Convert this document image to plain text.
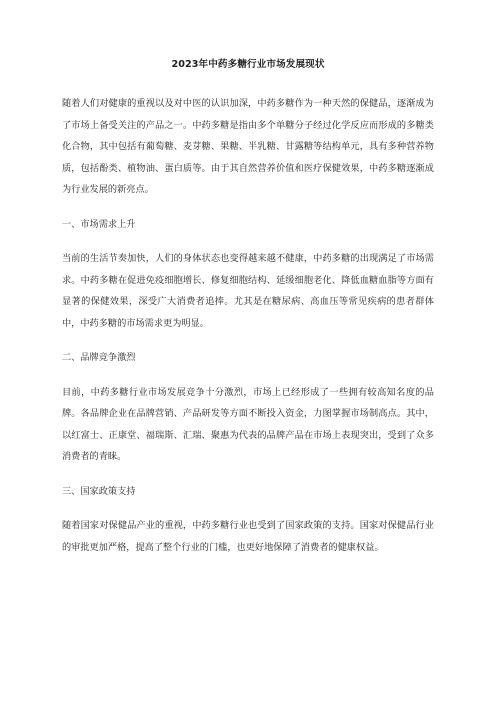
2023年中药多糖行业市场发展现状

随着人们对健康的重视以及对中医的认识加深，中药多糖作为一种天然的保健品，逐渐成为了市场上备受关注的产品之一。中药多糖是指由多个单糖分子经过化学反应而形成的多糖类化合物，其中包括有葡萄糖、麦芽糖、果糖、半乳糖、甘露糖等结构单元，具有多种营养物质，包括酚类、植物油、蛋白质等。由于其自然营养价值和医疗保健效果，中药多糖逐渐成为行业发展的新亮点。

一、市场需求上升

当前的生活节奏加快，人们的身体状态也变得越来越不健康，中药多糖的出现满足了市场需求。中药多糖在促进免疫细胞增长、修复细胞结构、延缓细胞老化、降低血糖血脂等方面有显著的保健效果，深受广大消费者追捧。尤其是在糖尿病、高血压等常见疾病的患者群体中，中药多糖的市场需求更为明显。

二、品牌竞争激烈

目前，中药多糖行业市场发展竞争十分激烈，市场上已经形成了一些拥有较高知名度的品牌。各品牌企业在品牌营销、产品研发等方面不断投入资金，力图掌握市场制高点。其中，以红富士、正康堂、福瑞斯、汇瑞、聚惠为代表的品牌产品在市场上表现突出，受到了众多消费者的青睐。

三、国家政策支持

随着国家对保健品产业的重视，中药多糖行业也受到了国家政策的支持。国家对保健品行业的审批更加严格，提高了整个行业的门槛，也更好地保障了消费者的健康权益。
